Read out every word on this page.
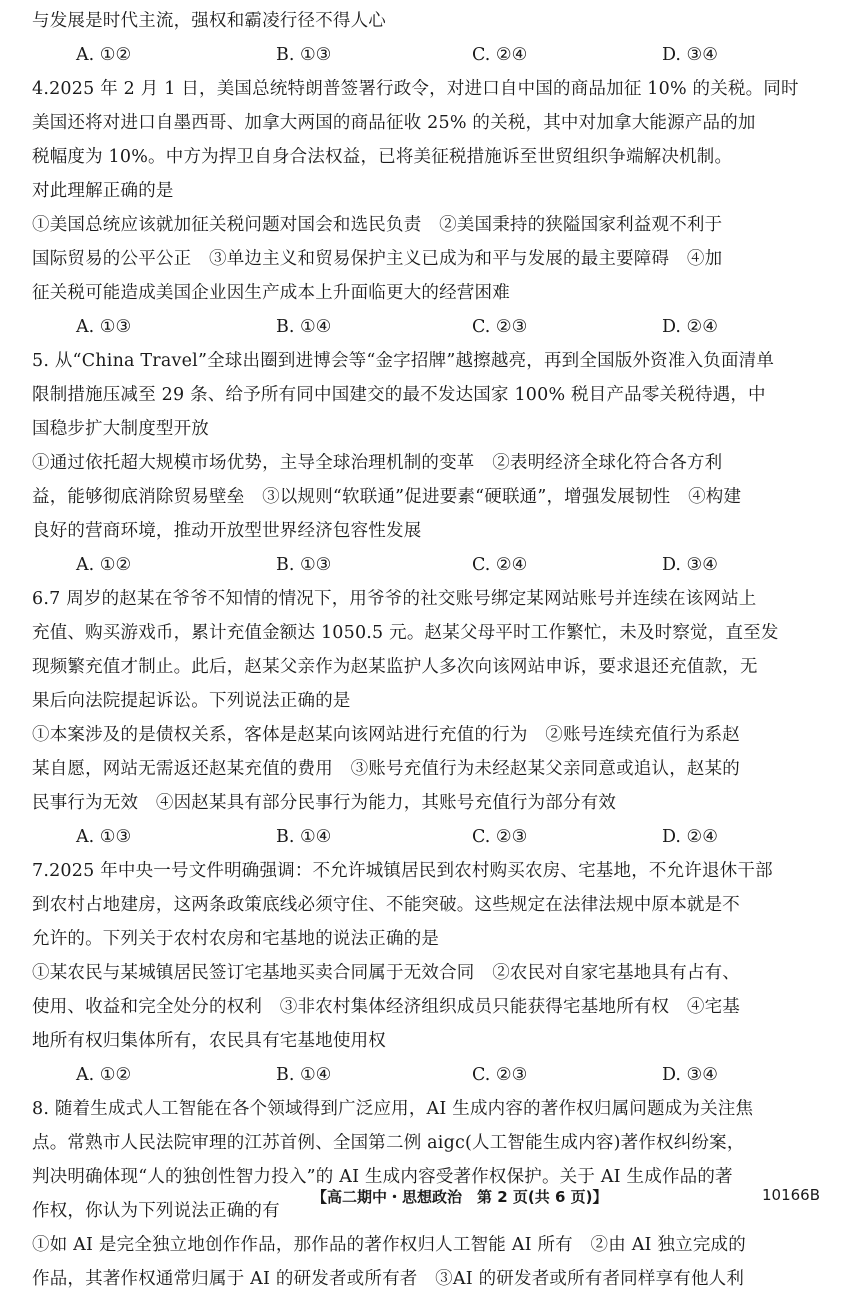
与发展是时代主流，强权和霸凌行径不得人心
A. ①②	B. ①③	C. ②④	D. ③④
4.2025 年 2 月 1 日，美国总统特朗普签署行政令，对进口自中国的商品加征 10% 的关税。同时
美国还将对进口自墨西哥、加拿大两国的商品征收 25% 的关税，其中对加拿大能源产品的加
税幅度为 10%。中方为捍卫自身合法权益，已将美征税措施诉至世贸组织争端解决机制。
对此理解正确的是
①美国总统应该就加征关税问题对国会和选民负责　②美国秉持的狭隘国家利益观不利于
国际贸易的公平公正　③单边主义和贸易保护主义已成为和平与发展的最主要障碍　④加
征关税可能造成美国企业因生产成本上升面临更大的经营困难
A. ①③	B. ①④	C. ②③	D. ②④
5. 从“China Travel”全球出圈到进博会等“金字招牌”越擦越亮，再到全国版外资准入负面清单
限制措施压减至 29 条、给予所有同中国建交的最不发达国家 100% 税目产品零关税待遇，中
国稳步扩大制度型开放
①通过依托超大规模市场优势，主导全球治理机制的变革　②表明经济全球化符合各方利
益，能够彻底消除贸易壁垒　③以规则“软联通”促进要素“硬联通”，增强发展韧性　④构建
良好的营商环境，推动开放型世界经济包容性发展
A. ①②	B. ①③	C. ②④	D. ③④
6.7 周岁的赵某在爷爷不知情的情况下，用爷爷的社交账号绑定某网站账号并连续在该网站上
充值、购买游戏币，累计充值金额达 1050.5 元。赵某父母平时工作繁忙，未及时察觉，直至发
现频繁充值才制止。此后，赵某父亲作为赵某监护人多次向该网站申诉，要求退还充值款，无
果后向法院提起诉讼。下列说法正确的是
①本案涉及的是债权关系，客体是赵某向该网站进行充值的行为　②账号连续充值行为系赵
某自愿，网站无需返还赵某充值的费用　③账号充值行为未经赵某父亲同意或追认，赵某的
民事行为无效　④因赵某具有部分民事行为能力，其账号充值行为部分有效
A. ①③	B. ①④	C. ②③	D. ②④
7.2025 年中央一号文件明确强调：不允许城镇居民到农村购买农房、宅基地，不允许退休干部
到农村占地建房，这两条政策底线必须守住、不能突破。这些规定在法律法规中原本就是不
允许的。下列关于农村农房和宅基地的说法正确的是
①某农民与某城镇居民签订宅基地买卖合同属于无效合同　②农民对自家宅基地具有占有、
使用、收益和完全处分的权利　③非农村集体经济组织成员只能获得宅基地所有权　④宅基
地所有权归集体所有，农民具有宅基地使用权
A. ①②	B. ①④	C. ②③	D. ③④
8. 随着生成式人工智能在各个领域得到广泛应用，AI 生成内容的著作权归属问题成为关注焦
点。常熟市人民法院审理的江苏首例、全国第二例 aigc(人工智能生成内容)著作权纠纷案，
判决明确体现“人的独创性智力投入”的 AI 生成内容受著作权保护。关于 AI 生成作品的著
作权，你认为下列说法正确的有
①如 AI 是完全独立地创作作品，那作品的著作权归人工智能 AI 所有　②由 AI 独立完成的
作品，其著作权通常归属于 AI 的研发者或所有者　③AI 的研发者或所有者同样享有他人利
【高二期中・思想政治　第 2 页(共 6 页)】	10166B
